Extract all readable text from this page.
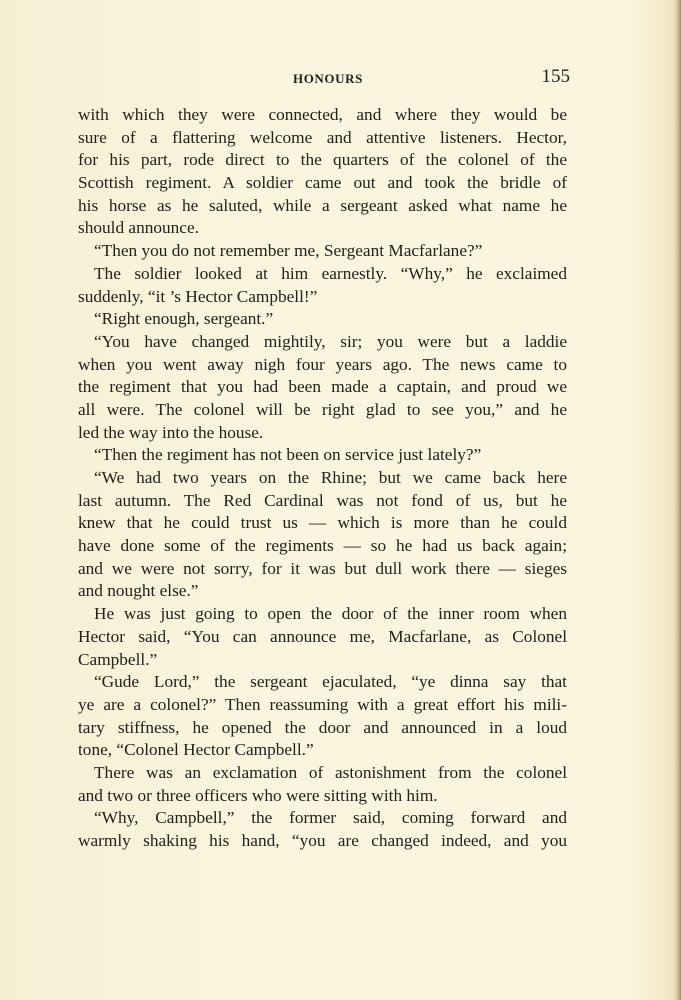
HONOURS	155
with which they were connected, and where they would be
sure of a flattering welcome and attentive listeners. Hector,
for his part, rode direct to the quarters of the colonel of the
Scottish regiment. A soldier came out and took the bridle of
his horse as he saluted, while a sergeant asked what name he
should announce.
“Then you do not remember me, Sergeant Macfarlane?”
The soldier looked at him earnestly. “Why,” he exclaimed
suddenly, “it ’s Hector Campbell!”
“Right enough, sergeant.”
“You have changed mightily, sir; you were but a laddie
when you went away nigh four years ago. The news came to
the regiment that you had been made a captain, and proud we
all were. The colonel will be right glad to see you,” and he
led the way into the house.
“Then the regiment has not been on service just lately?”
“We had two years on the Rhine; but we came back here
last autumn. The Red Cardinal was not fond of us, but he
knew that he could trust us — which is more than he could
have done some of the regiments — so he had us back again;
and we were not sorry, for it was but dull work there — sieges
and nought else.”
He was just going to open the door of the inner room when
Hector said, “You can announce me, Macfarlane, as Colonel
Campbell.”
“Gude Lord,” the sergeant ejaculated, “ye dinna say that
ye are a colonel?” Then reassuming with a great effort his mili-
tary stiffness, he opened the door and announced in a loud
tone, “Colonel Hector Campbell.”
There was an exclamation of astonishment from the colonel
and two or three officers who were sitting with him.
“Why, Campbell,” the former said, coming forward and
warmly shaking his hand, “you are changed indeed, and you
